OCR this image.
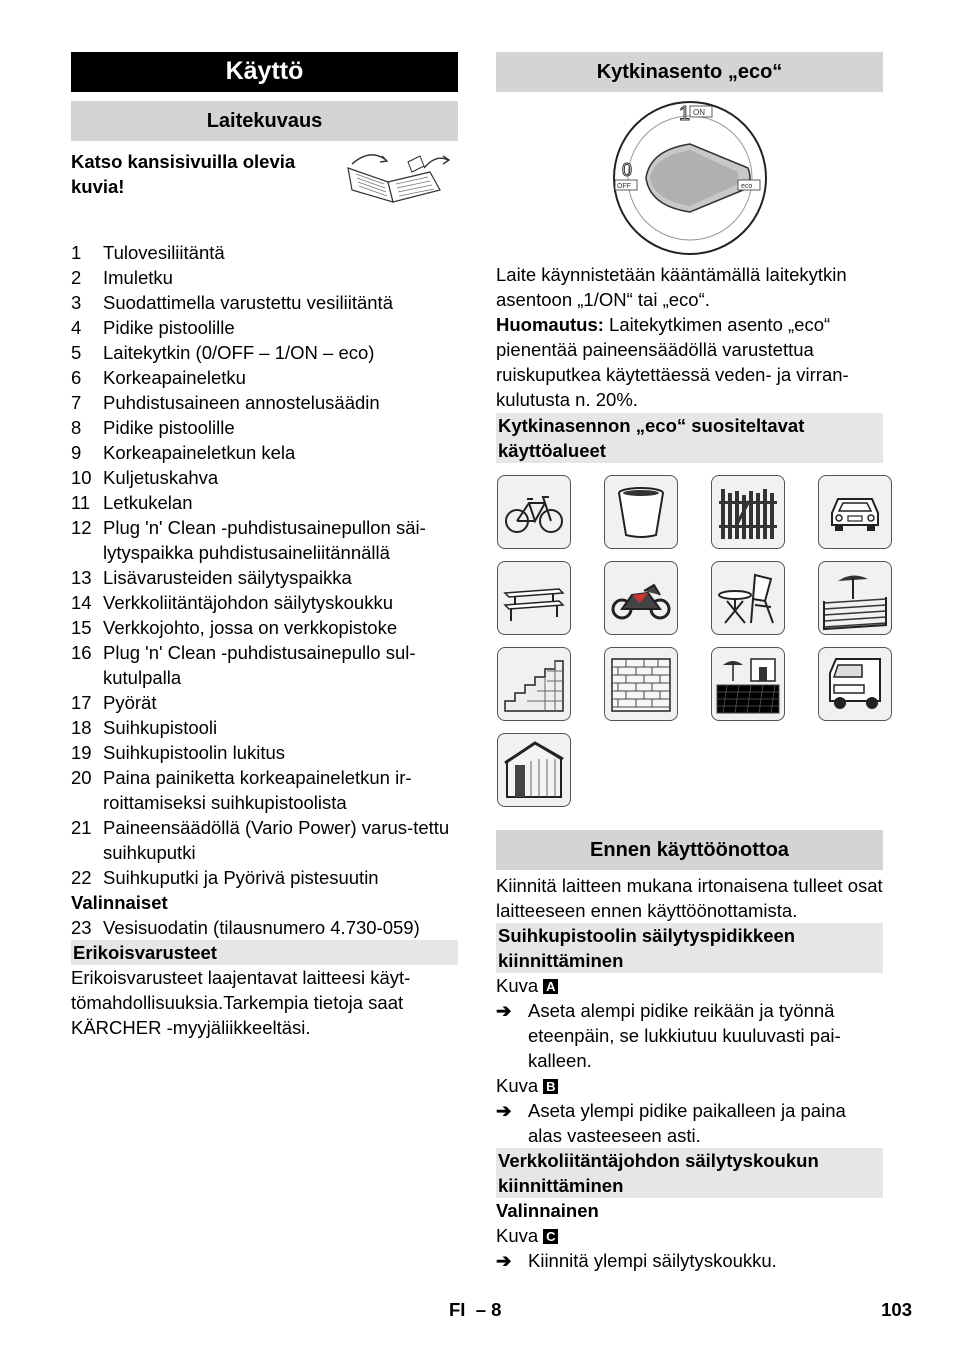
Käyttö
Laitekuvaus

Katso kansisivuilla olevia kuvia!

1	Tulovesiliitäntä
2	Imuletku
3	Suodattimella varustettu vesiliitäntä
4	Pidike pistoolille
5	Laitekytkin (0/OFF – 1/ON – eco)
6	Korkeapaineletku
7	Puhdistusaineen annostelusäädin
8	Pidike pistoolille
9	Korkeapaineletkun kela
10 Kuljetuskahva
11 Letkukelan
12 Plug 'n' Clean -puhdistusainepullon säi-lytyspaikka puhdistusaineliitännällä
13 Lisävarusteiden säilytyspaikka
14 Verkkoliitäntäjohdon säilytyskoukku
15 Verkkojohto, jossa on verkkopistoke
16 Plug 'n' Clean -puhdistusainepullo sul-kutulpalla
17 Pyörät
18 Suihkupistooli
19 Suihkupistoolin lukitus
20 Paina painiketta korkeapaineletkun ir-roittamiseksi suihkupistoolista
21 Paineensäädöllä (Vario Power) varus-tettu suihkuputki
22 Suihkuputki ja Pyörivä pistesuutin

Valinnaiset

23 Vesisuodatin (tilausnumero 4.730-059)
Erikoisvarusteet

Erikoisvarusteet laajentavat laitteesi käyt-tömahdollisuuksia.Tarkempia tietoja saat KÄRCHER -myyjäliikkeeltäsi.

Kytkinasento „eco“
1 ON
0
OFF	eco

Laite käynnistetään kääntämällä laitekytkin asentoon „1/ON“ tai „eco“.

Huomautus: Laitekytkimen asento „eco“ pienentää paineensäädöllä varustettua ruiskuputkea käytettäessä veden- ja virran-kulutusta n. 20%.

Kytkinasennon „eco“ suositeltavat käyttöalueet
Ennen käyttöönottoa

Kiinnitä laitteen mukana irtonaisena tulleet osat laitteeseen ennen käyttöönottamista.

Suihkupistoolin säilytyspidikkeen kiinnittäminen

Kuva A

➔ Aseta alempi pidike reikään ja työnnä eteenpäin, se lukkiutuu kuuluvasti pai-kalleen.

Kuva B

➔ Aseta ylempi pidike paikalleen ja paina alas vasteeseen asti.
Verkkoliitäntäjohdon säilytyskoukun kiinnittäminen

Valinnainen

Kuva C

➔ Kiinnitä ylempi säilytyskoukku.
FI – 8	103
